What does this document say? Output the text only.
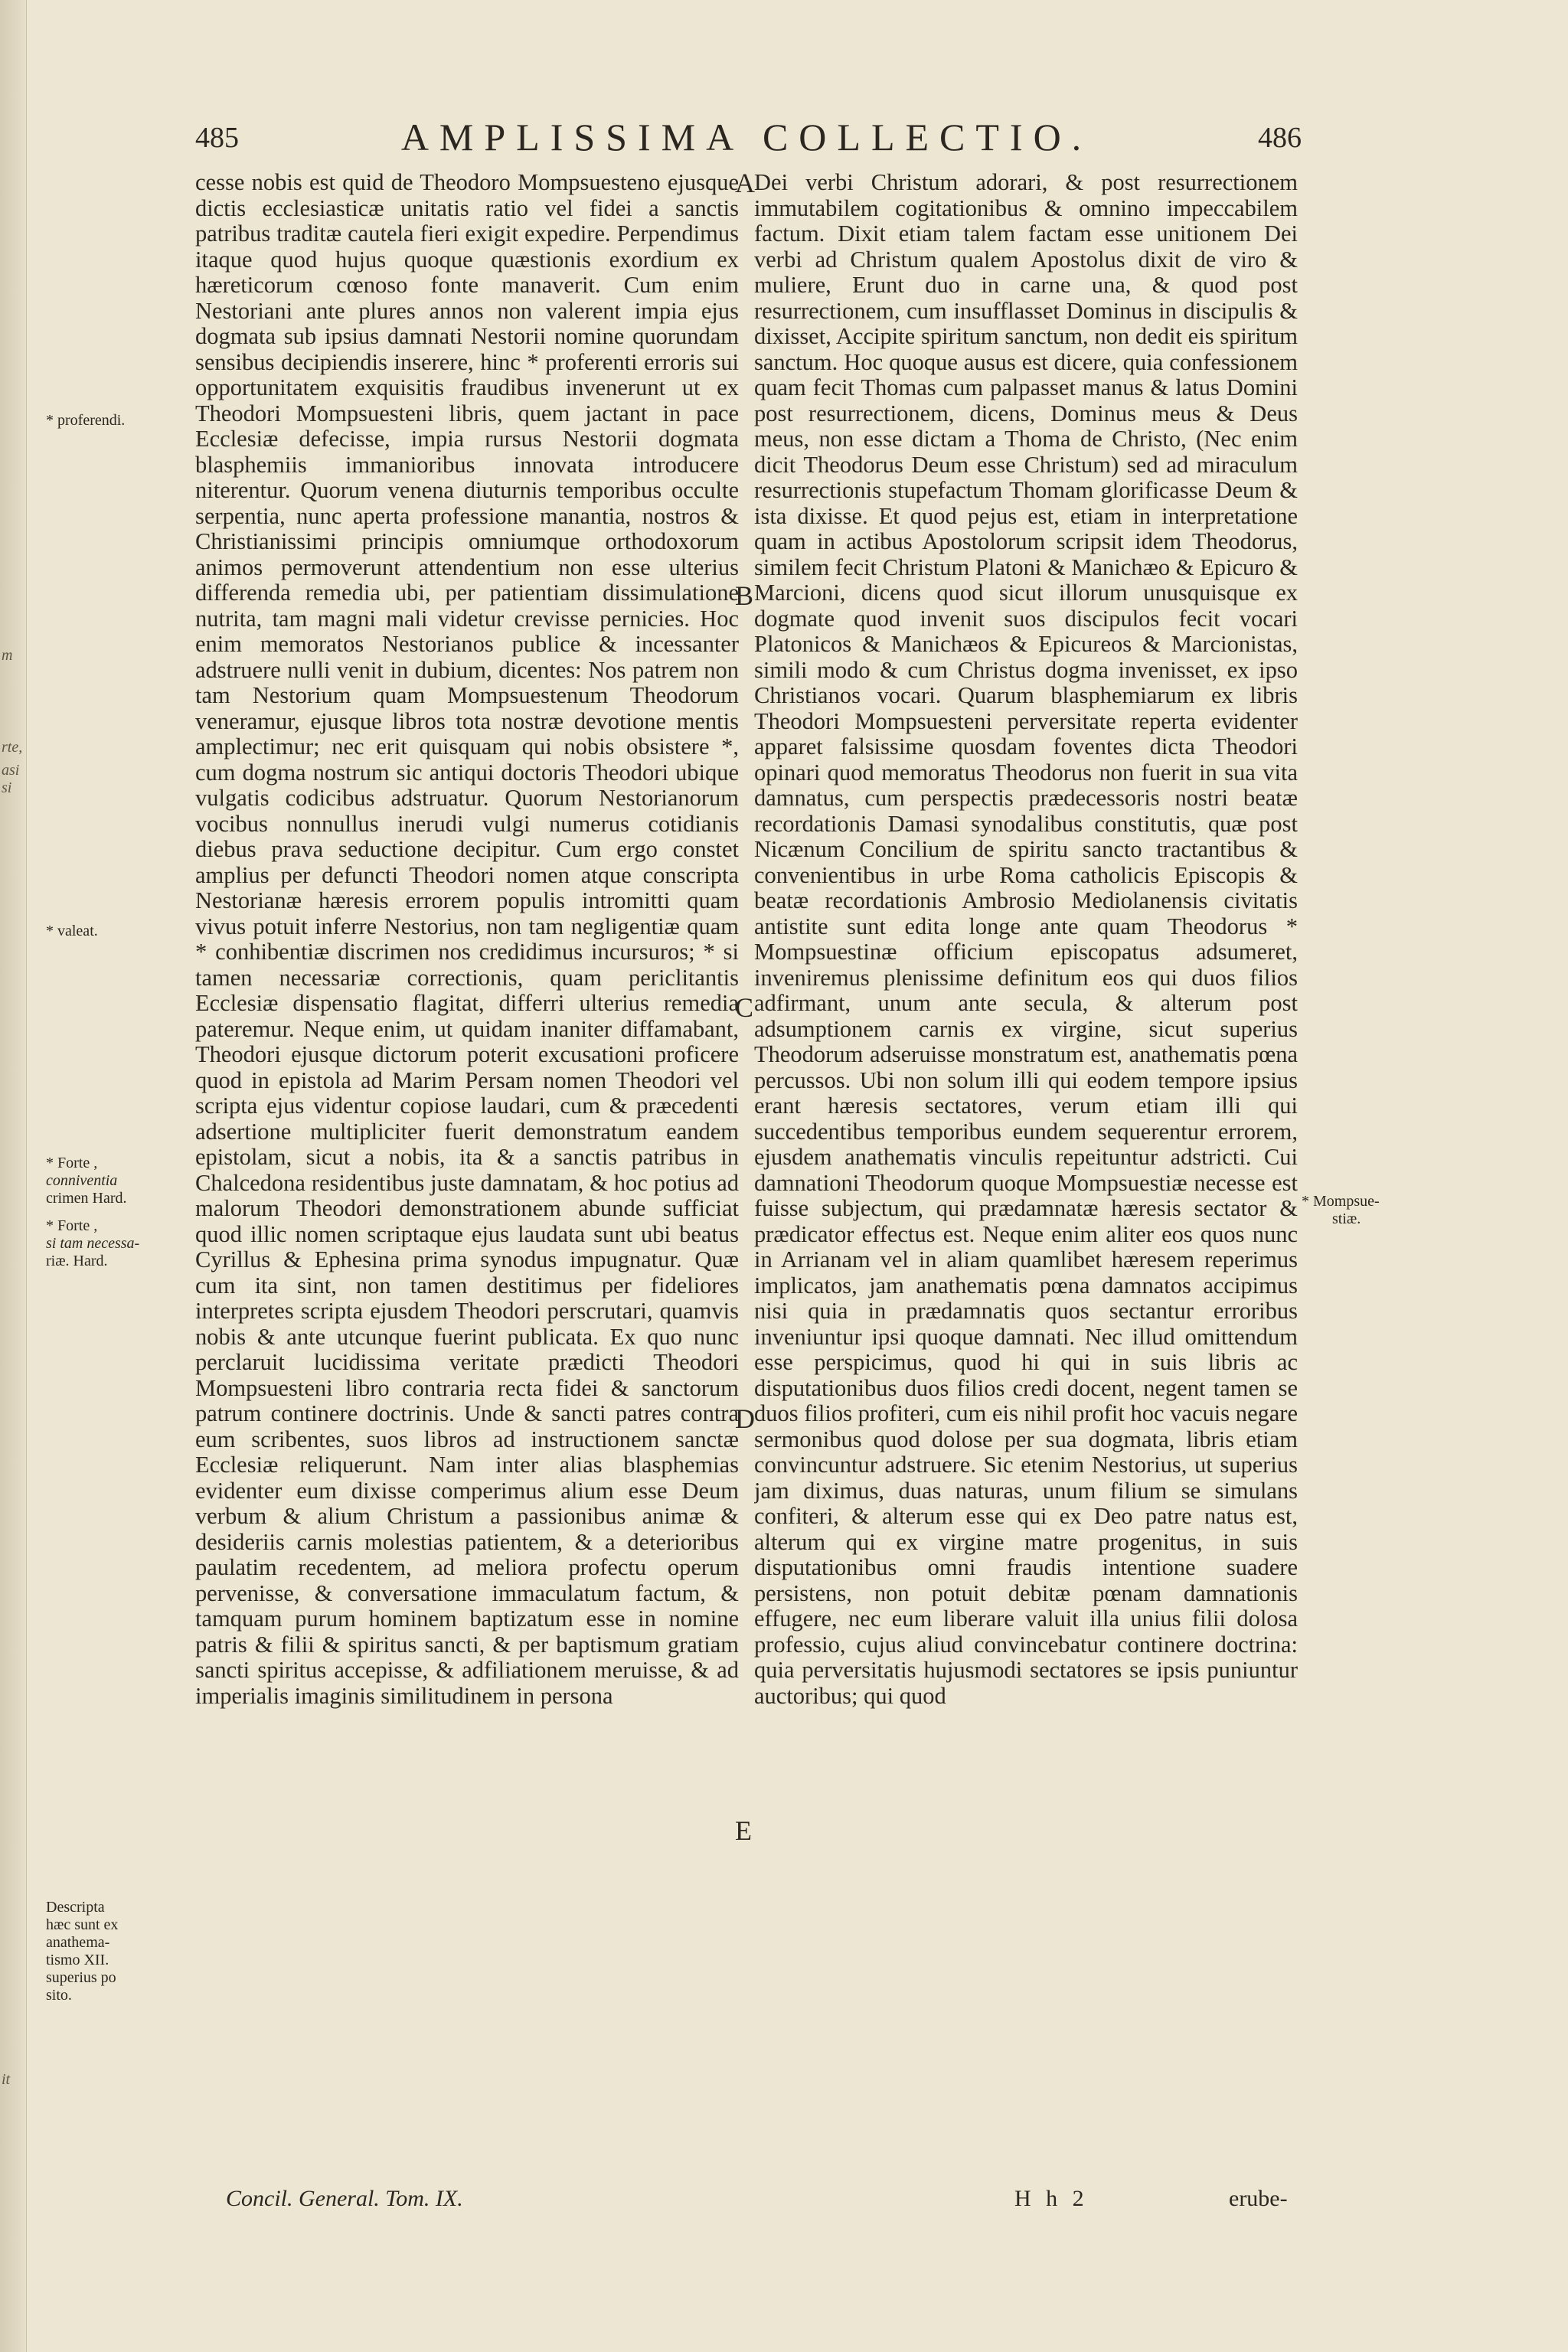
m
rte,
asi si
it
485	AMPLISSIMA COLLECTIO.	486

cesse nobis est quid de Theodoro Mompsuesteno ejusque dictis ecclesiasticæ unitatis ratio vel fidei a sanctis patribus traditæ cautela fieri exigit expedire. Perpendimus itaque quod hujus quoque quæstionis exordium ex hæreticorum cœnoso fonte manaverit. Cum enim Nestoriani ante plures annos non valerent impia ejus dogmata sub ipsius damnati Nestorii nomine quorundam sensibus decipiendis inserere, hinc * proferenti erroris sui opportunitatem exquisitis fraudibus invenerunt ut ex Theodori Mompsuesteni libris, quem jactant in pace Ecclesiæ defecisse, impia rursus Nestorii dogmata blasphemiis immanioribus innovata introducere niterentur. Quorum venena diuturnis temporibus occulte serpentia, nunc aperta professione manantia, nostros & Christianissimi principis omniumque orthodoxorum animos permoverunt attendentium non esse ulterius differenda remedia ubi, per patientiam dissimulatione nutrita, tam magni mali videtur crevisse pernicies. Hoc enim memoratos Nestorianos publice & incessanter adstruere nulli venit in dubium, dicentes: Nos patrem non tam Nestorium quam Mompsuestenum Theodorum veneramur, ejusque libros tota nostræ devotione mentis amplectimur; nec erit quisquam qui nobis obsistere *, cum dogma nostrum sic antiqui doctoris Theodori ubique vulgatis codicibus adstruatur. Quorum Nestorianorum vocibus nonnullus inerudi vulgi numerus cotidianis diebus prava seductione decipitur. Cum ergo constet amplius per defuncti Theodori nomen atque conscripta Nestorianæ hæresis errorem populis intromitti quam vivus potuit inferre Nestorius, non tam negligentiæ quam * conhibentiæ discrimen nos credidimus incursuros; * si tamen necessariæ correctionis, quam periclitantis Ecclesiæ dispensatio flagitat, differri ulterius remedia pateremur. Neque enim, ut quidam inaniter diffamabant, Theodori ejusque dictorum poterit excusationi proficere quod in epistola ad Marim Persam nomen Theodori vel scripta ejus videntur copiose laudari, cum & præcedenti adsertione multipliciter fuerit demonstratum eandem epistolam, sicut a nobis, ita & a sanctis patribus in Chalcedona residentibus juste damnatam, & hoc potius ad malorum Theodori demonstrationem abunde sufficiat quod illic nomen scriptaque ejus laudata sunt ubi beatus Cyrillus & Ephesina prima synodus impugnatur. Quæ cum ita sint, non tamen destitimus per fideliores interpretes scripta ejusdem Theodori perscrutari, quamvis nobis & ante utcunque fuerint publicata. Ex quo nunc perclaruit lucidissima veritate prædicti Theodori Mompsuesteni libro contraria recta fidei & sanctorum patrum continere doctrinis. Unde & sancti patres contra eum scribentes, suos libros ad instructionem sanctæ Ecclesiæ reliquerunt. Nam inter alias blasphemias evidenter eum dixisse comperimus alium esse Deum verbum & alium Christum a passionibus animæ & desideriis carnis molestias patientem, & a deterioribus paulatim recedentem, ad meliora profectu operum pervenisse, & conversatione immaculatum factum, & tamquam purum hominem baptizatum esse in nomine patris & filii & spiritus sancti, & per baptismum gratiam sancti spiritus accepisse, & adfiliationem meruisse, & ad imperialis imaginis similitudinem in persona

Dei verbi Christum adorari, & post resurrectionem immutabilem cogitationibus & omnino impeccabilem factum. Dixit etiam talem factam esse unitionem Dei verbi ad Christum qualem Apostolus dixit de viro & muliere, Erunt duo in carne una, & quod post resurrectionem, cum insufflasset Dominus in discipulis & dixisset, Accipite spiritum sanctum, non dedit eis spiritum sanctum. Hoc quoque ausus est dicere, quia confessionem quam fecit Thomas cum palpasset manus & latus Domini post resurrectionem, dicens, Dominus meus & Deus meus, non esse dictam a Thoma de Christo, (Nec enim dicit Theodorus Deum esse Christum) sed ad miraculum resurrectionis stupefactum Thomam glorificasse Deum & ista dixisse. Et quod pejus est, etiam in interpretatione quam in actibus Apostolorum scripsit idem Theodorus, similem fecit Christum Platoni & Manichæo & Epicuro & Marcioni, dicens quod sicut illorum unusquisque ex dogmate quod invenit suos discipulos fecit vocari Platonicos & Manichæos & Epicureos & Marcionistas, simili modo & cum Christus dogma invenisset, ex ipso Christianos vocari. Quarum blasphemiarum ex libris Theodori Mompsuesteni perversitate reperta evidenter apparet falsissime quosdam foventes dicta Theodori opinari quod memoratus Theodorus non fuerit in sua vita damnatus, cum perspectis prædecessoris nostri beatæ recordationis Damasi synodalibus constitutis, quæ post Nicænum Concilium de spiritu sancto tractantibus & convenientibus in urbe Roma catholicis Episcopis & beatæ recordationis Ambrosio Mediolanensis civitatis antistite sunt edita longe ante quam Theodorus * Mompsuestinæ officium episcopatus adsumeret, inveniremus plenissime definitum eos qui duos filios adfirmant, unum ante secula, & alterum post adsumptionem carnis ex virgine, sicut superius Theodorum adseruisse monstratum est, anathematis pœna percussos. Ubi non solum illi qui eodem tempore ipsius erant hæresis sectatores, verum etiam illi qui succedentibus temporibus eundem sequerentur errorem, ejusdem anathematis vinculis repeituntur adstricti. Cui damnationi Theodorum quoque Mompsuestiæ necesse est fuisse subjectum, qui prædamnatæ hæresis sectator & prædicator effectus est. Neque enim aliter eos quos nunc in Arrianam vel in aliam quamlibet hæresem reperimus implicatos, jam anathematis pœna damnatos accipimus nisi quia in prædamnatis quos sectantur erroribus inveniuntur ipsi quoque damnati. Nec illud omittendum esse perspicimus, quod hi qui in suis libris ac disputationibus duos filios credi docent, negent tamen se duos filios profiteri, cum eis nihil profit hoc vacuis negare sermonibus quod dolose per sua dogmata, libris etiam convincuntur adstruere. Sic etenim Nestorius, ut superius jam diximus, duas naturas, unum filium se simulans confiteri, & alterum esse qui ex Deo patre natus est, alterum qui ex virgine matre progenitus, in suis disputationibus omni fraudis intentione suadere persistens, non potuit debitæ pœnam damnationis effugere, nec eum liberare valuit illa unius filii dolosa professio, cujus aliud convincebatur continere doctrina: quia perversitatis hujusmodi sectatores se ipsis puniuntur auctoribus; qui quod

A
B
C
D
E
* proferendi.
* valeat.
* Forte ,
conniventia
crimen Hard.
* Forte ,
si tam necessa-
riæ. Hard.
Descripta
hæc sunt ex
anathema-
tismo XII.
superius po
sito.
* Mompsue-
stiæ.
Concil. General. Tom. IX.	H h 2	erube-
